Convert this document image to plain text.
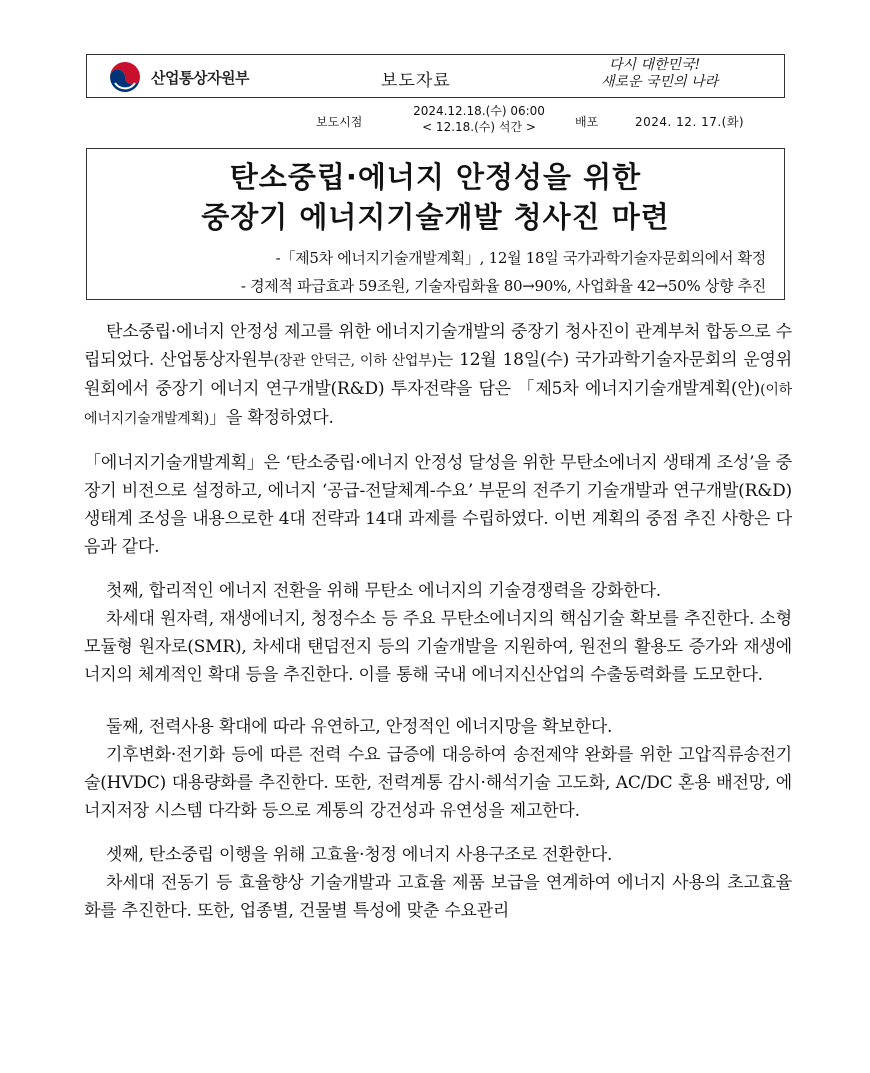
산업통상자원부	보도자료
다시 대한민국!
새로운 국민의 나라
보도시점
2024.12.18.(수) 06:00
< 12.18.(수) 석간 >	배포	2024. 12. 17.(화)
탄소중립·에너지 안정성을 위한
중장기 에너지기술개발 청사진 마련
-「제5차 에너지기술개발계획」, 12월 18일 국가과학기술자문회의에서 확정
- 경제적 파급효과 59조원, 기술자립화율 80→90%, 사업화율 42→50% 상향 추진

탄소중립·에너지 안정성 제고를 위한 에너지기술개발의 중장기 청사진이 관계부처 합동으로 수립되었다. 산업통상자원부(장관 안덕근, 이하 산업부)는 12월 18일(수) 국가과학기술자문회의 운영위원회에서 중장기 에너지 연구개발(R&D) 투자전략을 담은 「제5차 에너지기술개발계획(안)(이하 에너지기술개발계획)」을 확정하였다.

「에너지기술개발계획」은 ‘탄소중립·에너지 안정성 달성을 위한 무탄소에너지 생태계 조성’을 중장기 비전으로 설정하고, 에너지 ‘공급-전달체계-수요’ 부문의 전주기 기술개발과 연구개발(R&D) 생태계 조성을 내용으로한 4대 전략과 14대 과제를 수립하였다. 이번 계획의 중점 추진 사항은 다음과 같다.

첫째, 합리적인 에너지 전환을 위해 무탄소 에너지의 기술경쟁력을 강화한다.
차세대 원자력, 재생에너지, 청정수소 등 주요 무탄소에너지의 핵심기술 확보를 추진한다. 소형 모듈형 원자로(SMR), 차세대 탠덤전지 등의 기술개발을 지원하여, 원전의 활용도 증가와 재생에너지의 체계적인 확대 등을 추진한다. 이를 통해 국내 에너지신산업의 수출동력화를 도모한다.

둘째, 전력사용 확대에 따라 유연하고, 안정적인 에너지망을 확보한다.
기후변화·전기화 등에 따른 전력 수요 급증에 대응하여 송전제약 완화를 위한 고압직류송전기술(HVDC) 대용량화를 추진한다. 또한, 전력계통 감시·해석기술 고도화, AC/DC 혼용 배전망, 에너지저장 시스템 다각화 등으로 계통의 강건성과 유연성을 제고한다.

셋째, 탄소중립 이행을 위해 고효율·청정 에너지 사용구조로 전환한다.
차세대 전동기 등 효율향상 기술개발과 고효율 제품 보급을 연계하여 에너지 사용의 초고효율화를 추진한다. 또한, 업종별, 건물별 특성에 맞춘 수요관리
